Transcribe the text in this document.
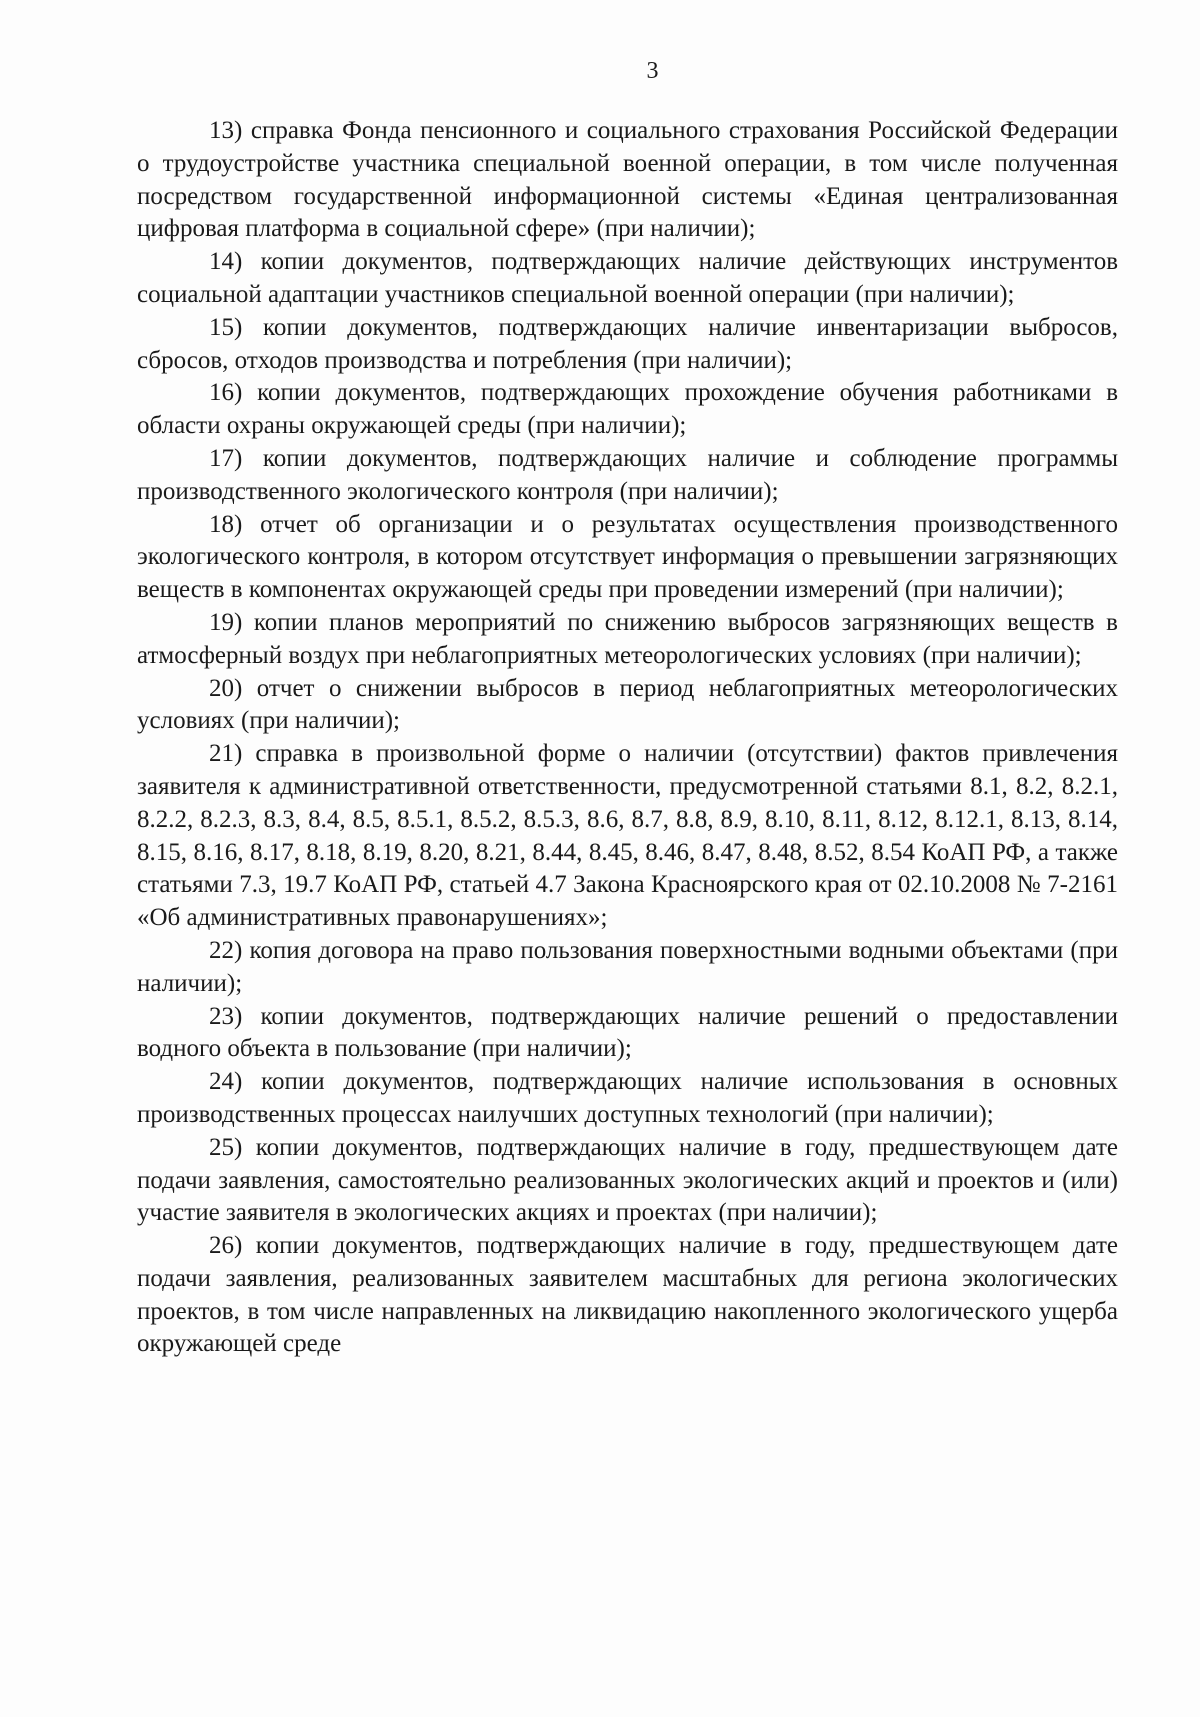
3

13) справка Фонда пенсионного и социального страхования Российской Федерации о трудоустройстве участника специальной военной операции, в том числе полученная посредством государственной информационной системы «Единая централизованная цифровая платформа в социальной сфере» (при наличии);

14) копии документов, подтверждающих наличие действующих инструментов социальной адаптации участников специальной военной операции (при наличии);

15) копии документов, подтверждающих наличие инвентаризации выбросов, сбросов, отходов производства и потребления (при наличии);

16) копии документов, подтверждающих прохождение обучения работниками в области охраны окружающей среды (при наличии);

17) копии документов, подтверждающих наличие и соблюдение программы производственного экологического контроля (при наличии);

18) отчет об организации и о результатах осуществления производственного экологического контроля, в котором отсутствует информация о превышении загрязняющих веществ в компонентах окружающей среды при проведении измерений (при наличии);

19) копии планов мероприятий по снижению выбросов загрязняющих веществ в атмосферный воздух при неблагоприятных метеорологических условиях (при наличии);

20) отчет о снижении выбросов в период неблагоприятных метеорологических условиях (при наличии);

21) справка в произвольной форме о наличии (отсутствии) фактов привлечения заявителя к административной ответственности, предусмотренной статьями 8.1, 8.2, 8.2.1, 8.2.2, 8.2.3, 8.3, 8.4, 8.5, 8.5.1, 8.5.2, 8.5.3, 8.6, 8.7, 8.8, 8.9, 8.10, 8.11, 8.12, 8.12.1, 8.13, 8.14, 8.15, 8.16, 8.17, 8.18, 8.19, 8.20, 8.21, 8.44, 8.45, 8.46, 8.47, 8.48, 8.52, 8.54 КоАП РФ, а также статьями 7.3, 19.7 КоАП РФ, статьей 4.7 Закона Красноярского края от 02.10.2008 № 7-2161 «Об административных правонарушениях»;

22) копия договора на право пользования поверхностными водными объектами (при наличии);

23) копии документов, подтверждающих наличие решений о предоставлении водного объекта в пользование (при наличии);

24) копии документов, подтверждающих наличие использования в основных производственных процессах наилучших доступных технологий (при наличии);

25) копии документов, подтверждающих наличие в году, предшествующем дате подачи заявления, самостоятельно реализованных экологических акций и проектов и (или) участие заявителя в экологических акциях и проектах (при наличии);

26) копии документов, подтверждающих наличие в году, предшествующем дате подачи заявления, реализованных заявителем масштабных для региона экологических проектов, в том числе направленных на ликвидацию накопленного экологического ущерба окружающей среде
